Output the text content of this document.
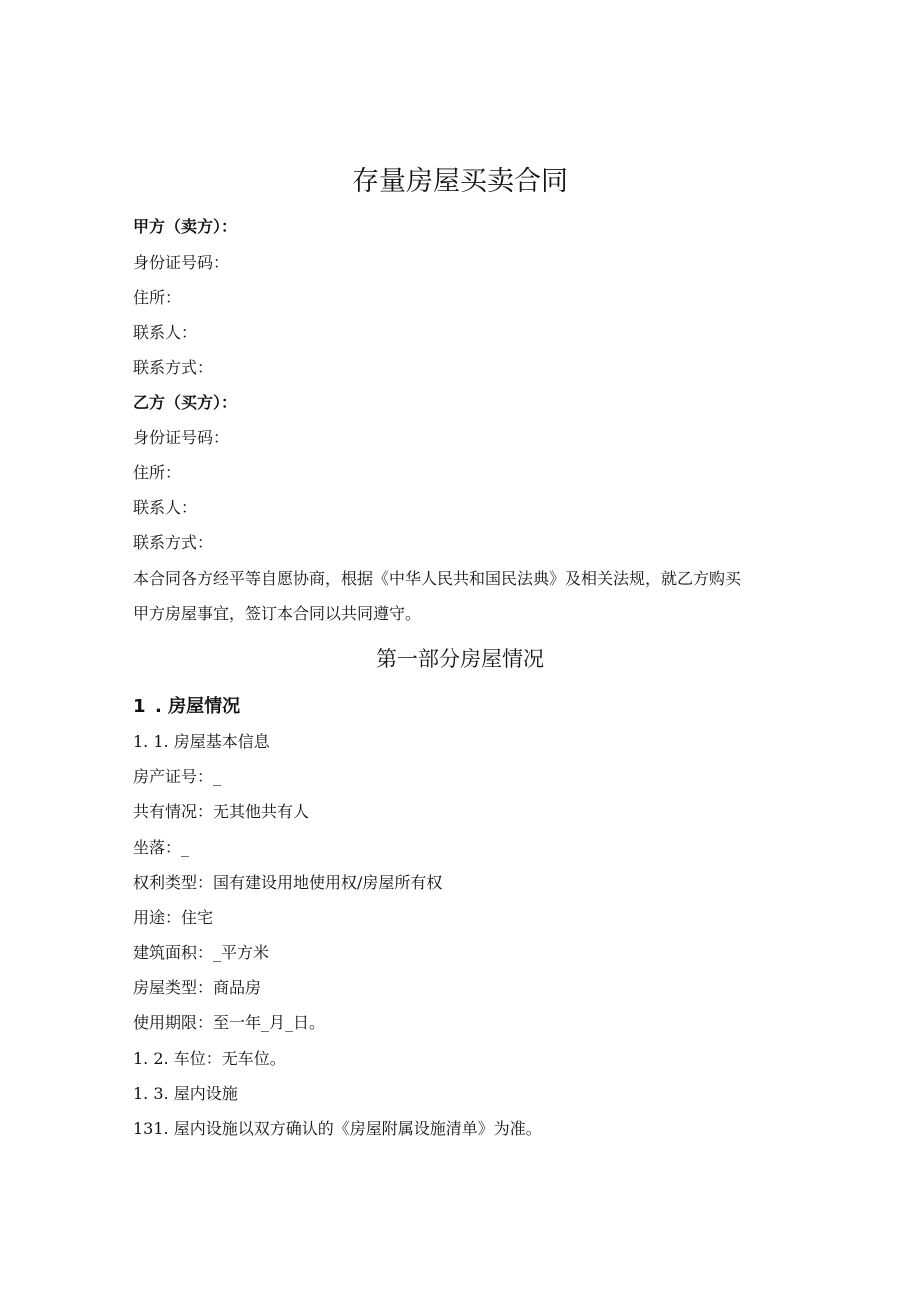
存量房屋买卖合同
甲方（卖方）：
身份证号码：
住所：
联系人：
联系方式：
乙方（买方）：
身份证号码：
住所：
联系人：
联系方式：
本合同各方经平等自愿协商，根据《中华人民共和国民法典》及相关法规，就乙方购买
甲方房屋事宜，签订本合同以共同遵守。
第一部分房屋情况
1 . 房屋情况
1. 1. 房屋基本信息
房产证号：_
共有情况：无其他共有人
坐落：_
权利类型：国有建设用地使用权/房屋所有权
用途：住宅
建筑面积：_平方米
房屋类型：商品房
使用期限：至一年_月_日。
1. 2. 车位：无车位。
1. 3. 屋内设施
131. 屋内设施以双方确认的《房屋附属设施清单》为准。
